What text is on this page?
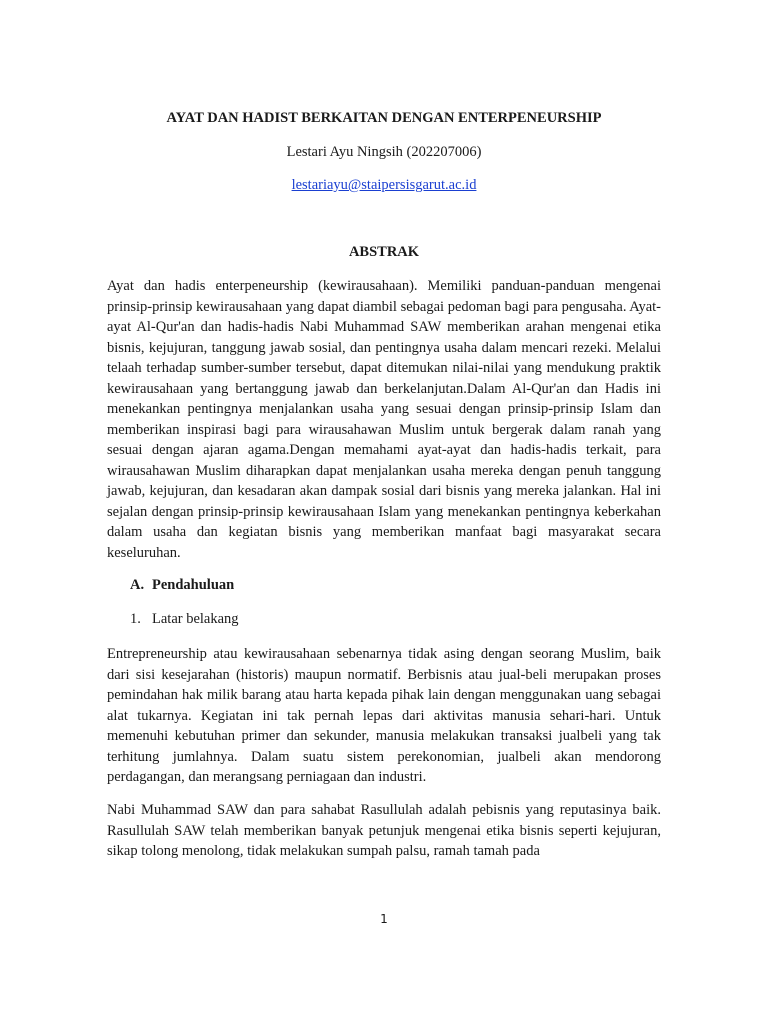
AYAT DAN HADIST BERKAITAN DENGAN ENTERPENEURSHIP

Lestari Ayu Ningsih (202207006)

lestariayu@staipersisgarut.ac.id

ABSTRAK

Ayat dan hadis enterpeneurship (kewirausahaan). Memiliki panduan-panduan mengenai prinsip-prinsip kewirausahaan yang dapat diambil sebagai pedoman bagi para pengusaha. Ayat-ayat Al-Qur'an dan hadis-hadis Nabi Muhammad SAW memberikan arahan mengenai etika bisnis, kejujuran, tanggung jawab sosial, dan pentingnya usaha dalam mencari rezeki. Melalui telaah terhadap sumber-sumber tersebut, dapat ditemukan nilai-nilai yang mendukung praktik kewirausahaan yang bertanggung jawab dan berkelanjutan.Dalam Al-Qur'an dan Hadis ini menekankan pentingnya menjalankan usaha yang sesuai dengan prinsip-prinsip Islam dan memberikan inspirasi bagi para wirausahawan Muslim untuk bergerak dalam ranah yang sesuai dengan ajaran agama.Dengan memahami ayat-ayat dan hadis-hadis terkait, para wirausahawan Muslim diharapkan dapat menjalankan usaha mereka dengan penuh tanggung jawab, kejujuran, dan kesadaran akan dampak sosial dari bisnis yang mereka jalankan. Hal ini sejalan dengan prinsip-prinsip kewirausahaan Islam yang menekankan pentingnya keberkahan dalam usaha dan kegiatan bisnis yang memberikan manfaat bagi masyarakat secara keseluruhan.

A. Pendahuluan

1. Latar belakang

Entrepreneurship atau kewirausahaan sebenarnya tidak asing dengan seorang Muslim, baik dari sisi kesejarahan (historis) maupun normatif. Berbisnis atau jual-beli merupakan proses pemindahan hak milik barang atau harta kepada pihak lain dengan menggunakan uang sebagai alat tukarnya. Kegiatan ini tak pernah lepas dari aktivitas manusia sehari-hari. Untuk memenuhi kebutuhan primer dan sekunder, manusia melakukan transaksi jualbeli yang tak terhitung jumlahnya. Dalam suatu sistem perekonomian, jualbeli akan mendorong perdagangan, dan merangsang perniagaan dan industri.

Nabi Muhammad SAW dan para sahabat Rasullulah adalah pebisnis yang reputasinya baik. Rasullulah SAW telah memberikan banyak petunjuk mengenai etika bisnis seperti kejujuran, sikap tolong menolong, tidak melakukan sumpah palsu, ramah tamah pada

1
